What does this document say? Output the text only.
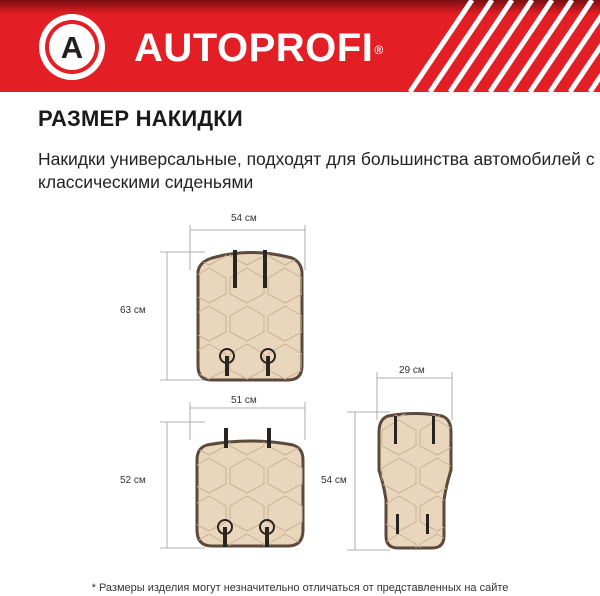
A AUTOPROFI®
РАЗМЕР НАКИДКИ
Накидки универсальные, подходят для большинства автомобилей с классическими сиденьями
54 см
63 см
51 см
52 см
29 см
54 см
* Размеры изделия могут незначительно отличаться от представленных на сайте
